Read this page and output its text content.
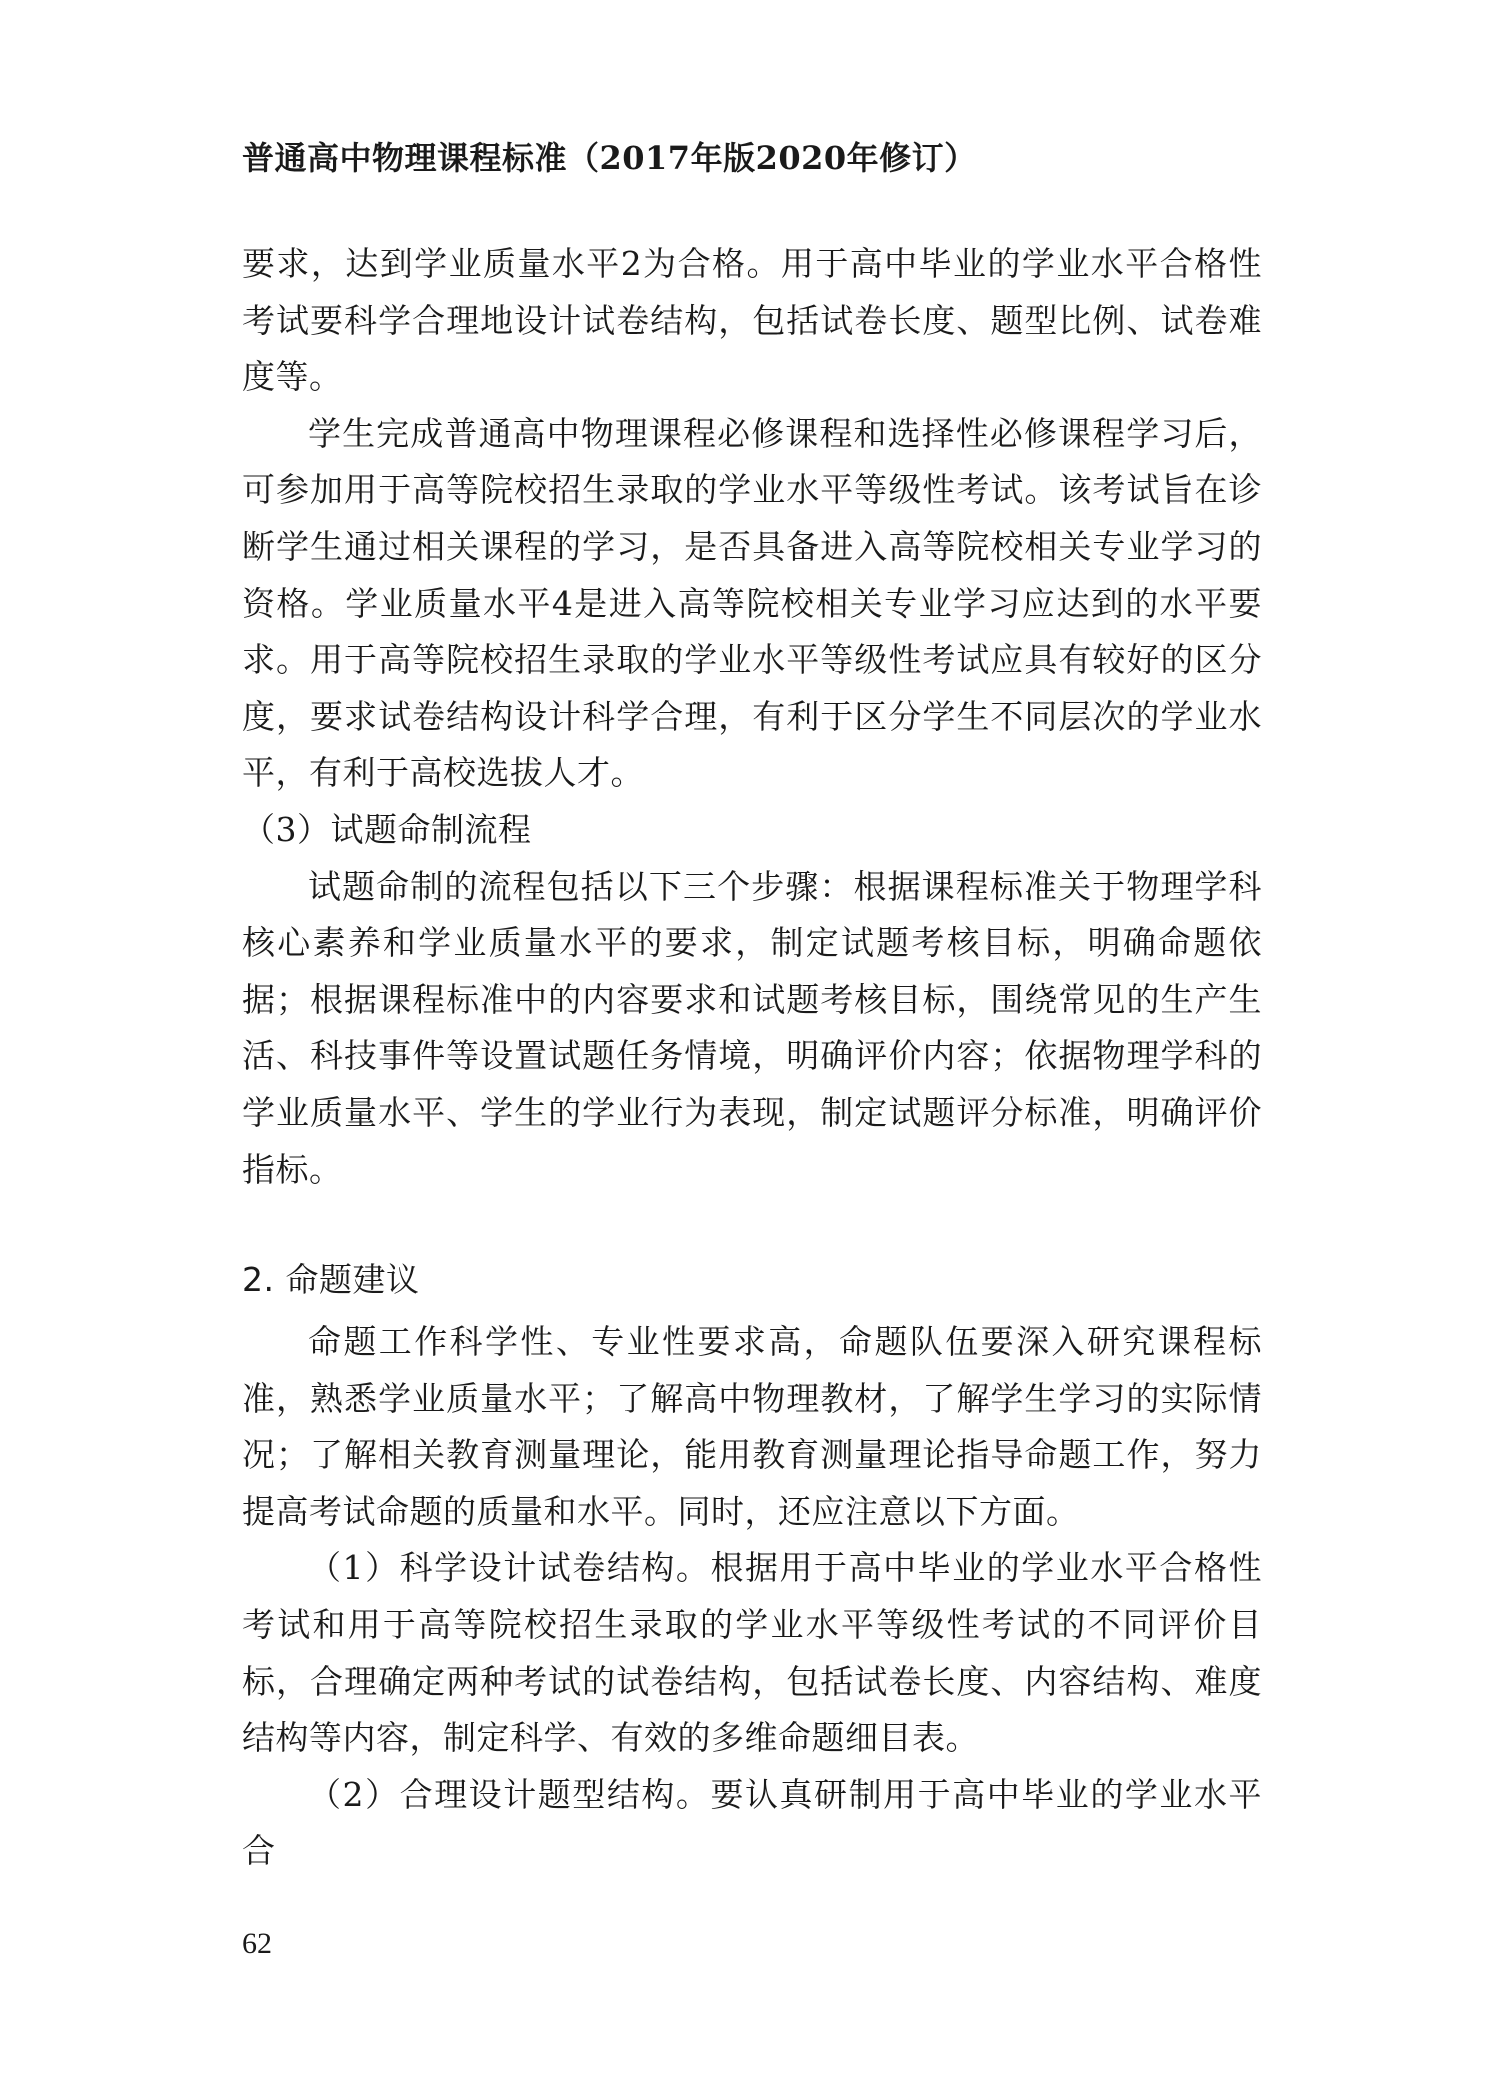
普通高中物理课程标准（2017年版2020年修订）

要求，达到学业质量水平2为合格。用于高中毕业的学业水平合格性考试要科学合理地设计试卷结构，包括试卷长度、题型比例、试卷难度等。

学生完成普通高中物理课程必修课程和选择性必修课程学习后，可参加用于高等院校招生录取的学业水平等级性考试。该考试旨在诊断学生通过相关课程的学习，是否具备进入高等院校相关专业学习的资格。学业质量水平4是进入高等院校相关专业学习应达到的水平要求。用于高等院校招生录取的学业水平等级性考试应具有较好的区分度，要求试卷结构设计科学合理，有利于区分学生不同层次的学业水平，有利于高校选拔人才。

（3）试题命制流程

试题命制的流程包括以下三个步骤：根据课程标准关于物理学科核心素养和学业质量水平的要求，制定试题考核目标，明确命题依据；根据课程标准中的内容要求和试题考核目标，围绕常见的生产生活、科技事件等设置试题任务情境，明确评价内容；依据物理学科的学业质量水平、学生的学业行为表现，制定试题评分标准，明确评价指标。

2. 命题建议

命题工作科学性、专业性要求高，命题队伍要深入研究课程标准，熟悉学业质量水平；了解高中物理教材，了解学生学习的实际情况；了解相关教育测量理论，能用教育测量理论指导命题工作，努力提高考试命题的质量和水平。同时，还应注意以下方面。

（1）科学设计试卷结构。根据用于高中毕业的学业水平合格性考试和用于高等院校招生录取的学业水平等级性考试的不同评价目标，合理确定两种考试的试卷结构，包括试卷长度、内容结构、难度结构等内容，制定科学、有效的多维命题细目表。

（2）合理设计题型结构。要认真研制用于高中毕业的学业水平合

62
